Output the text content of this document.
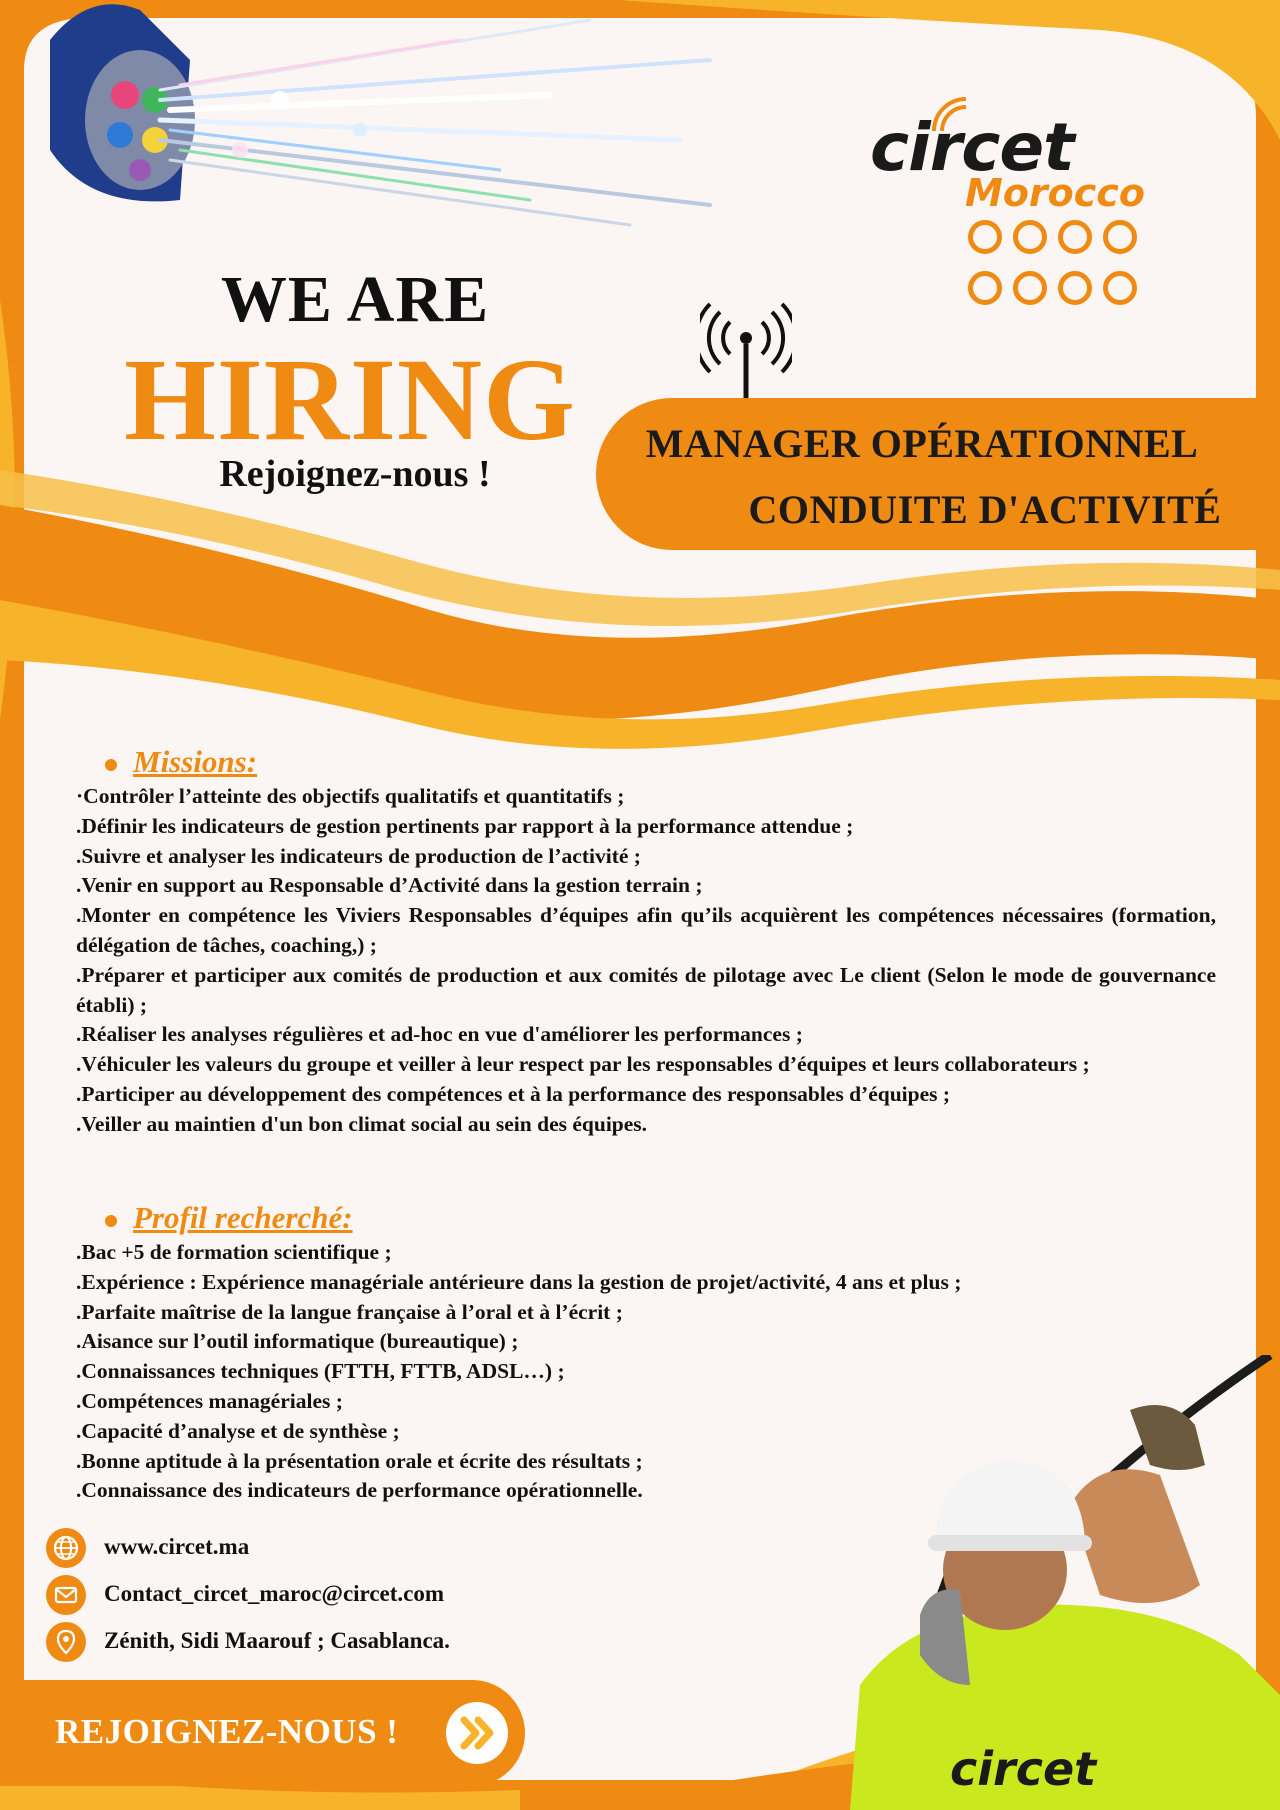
circet
Morocco

WE ARE
HIRING
Rejoignez-nous !
MANAGER OPÉRATIONNEL
CONDUITE D'ACTIVITÉ
Missions:
·Contrôler l’atteinte des objectifs qualitatifs et quantitatifs ;
.Définir les indicateurs de gestion pertinents par rapport à la performance attendue ;
.Suivre et analyser les indicateurs de production de l’activité ;
.Venir en support au Responsable d’Activité dans la gestion terrain ;
.Monter en compétence les Viviers Responsables d’équipes afin qu’ils acquièrent les compétences nécessaires (formation, délégation de tâches, coaching,) ;
.Préparer et participer aux comités de production et aux comités de pilotage avec Le client (Selon le mode de gouvernance établi) ;
.Réaliser les analyses régulières et ad-hoc en vue d'améliorer les performances ;
.Véhiculer les valeurs du groupe et veiller à leur respect par les responsables d’équipes et leurs collaborateurs ;
.Participer au développement des compétences et à la performance des responsables d’équipes ;
.Veiller au maintien d'un bon climat social au sein des équipes.
Profil recherché:
.Bac +5 de formation scientifique ;
.Expérience : Expérience managériale antérieure dans la gestion de projet/activité, 4 ans et plus ;
.Parfaite maîtrise de la langue française à l’oral et à l’écrit ;
.Aisance sur l’outil informatique (bureautique) ;
.Connaissances techniques (FTTH, FTTB, ADSL…) ;
.Compétences managériales ;
.Capacité d’analyse et de synthèse ;
.Bonne aptitude à la présentation orale et écrite des résultats ;
.Connaissance des indicateurs de performance opérationnelle.
circet
www.circet.ma
Contact_circet_maroc@circet.com
Zénith, Sidi Maarouf ; Casablanca.
REJOIGNEZ-NOUS !
